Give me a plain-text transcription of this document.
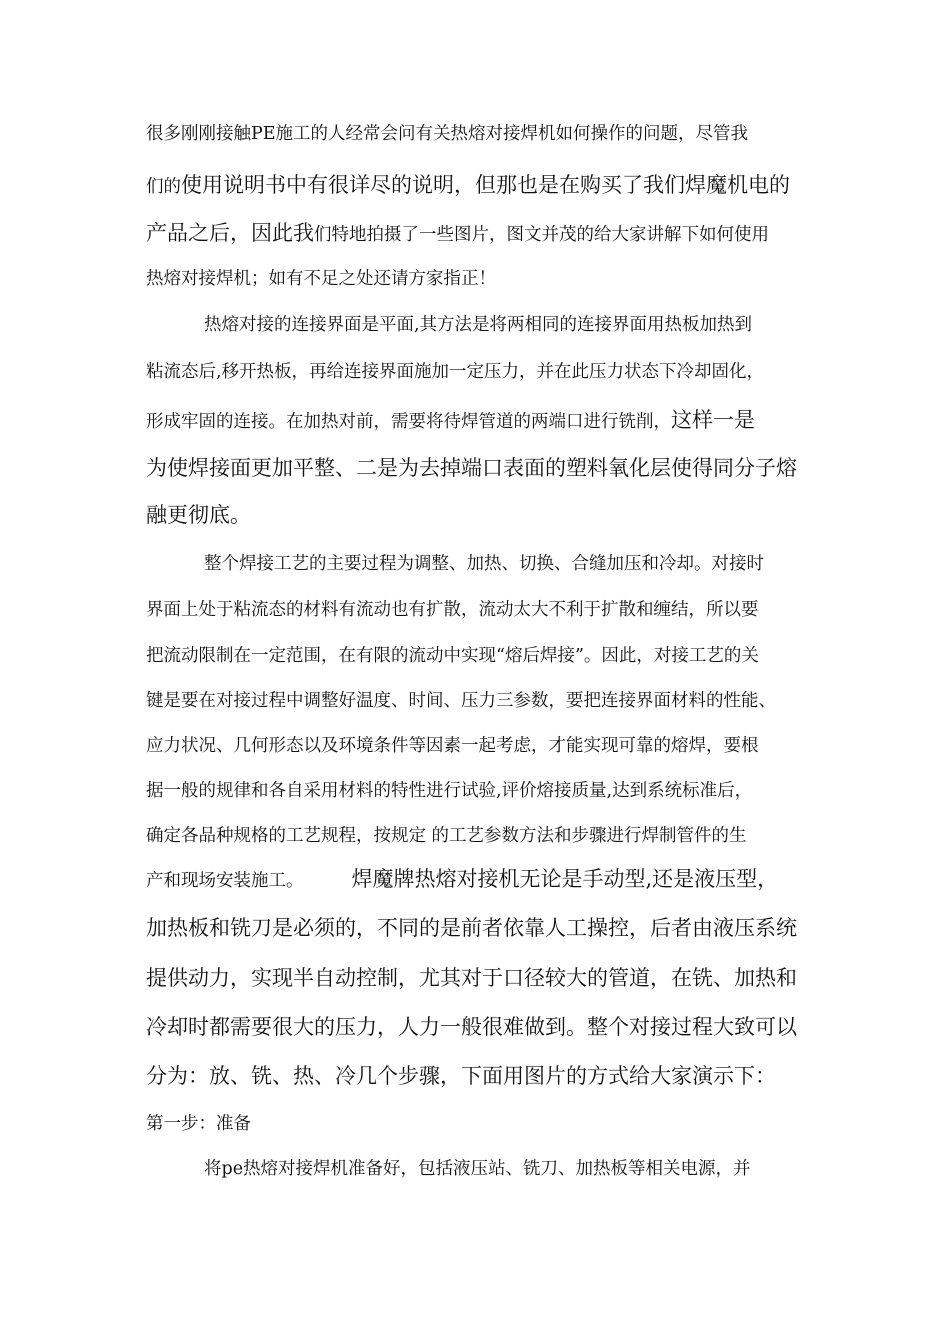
很多刚刚接触PE施工的人经常会问有关热熔对接焊机如何操作的问题，尽管我
们的使用说明书中有很详尽的说明，但那也是在购买了我们焊魔机电的
产品之后，因此我们特地拍摄了一些图片，图文并茂的给大家讲解下如何使用
热熔对接焊机；如有不足之处还请方家指正！
热熔对接的连接界面是平面,其方法是将两相同的连接界面用热板加热到
粘流态后,移开热板，再给连接界面施加一定压力，并在此压力状态下冷却固化，
形成牢固的连接。在加热对前，需要将待焊管道的两端口进行铣削，这样一是
为使焊接面更加平整、二是为去掉端口表面的塑料氧化层使得同分子熔
融更彻底。
整个焊接工艺的主要过程为调整、加热、切换、合缝加压和冷却。对接时
界面上处于粘流态的材料有流动也有扩散，流动太大不利于扩散和缠结，所以要
把流动限制在一定范围，在有限的流动中实现“熔后焊接”。因此，对接工艺的关
键是要在对接过程中调整好温度、时间、压力三参数，要把连接界面材料的性能、
应力状况、几何形态以及环境条件等因素一起考虑，才能实现可靠的熔焊，要根
据一般的规律和各自采用材料的特性进行试验,评价熔接质量,达到系统标准后，
确定各品种规格的工艺规程，按规定 的工艺参数方法和步骤进行焊制管件的生
产和现场安装施工。 焊魔牌热熔对接机无论是手动型,还是液压型，
加热板和铣刀是必须的，不同的是前者依靠人工操控，后者由液压系统
提供动力，实现半自动控制，尤其对于口径较大的管道，在铣、加热和
冷却时都需要很大的压力，人力一般很难做到。整个对接过程大致可以
分为：放、铣、热、冷几个步骤，下面用图片的方式给大家演示下：
第一步：准备
将pe热熔对接焊机准备好，包括液压站、铣刀、加热板等相关电源，并
